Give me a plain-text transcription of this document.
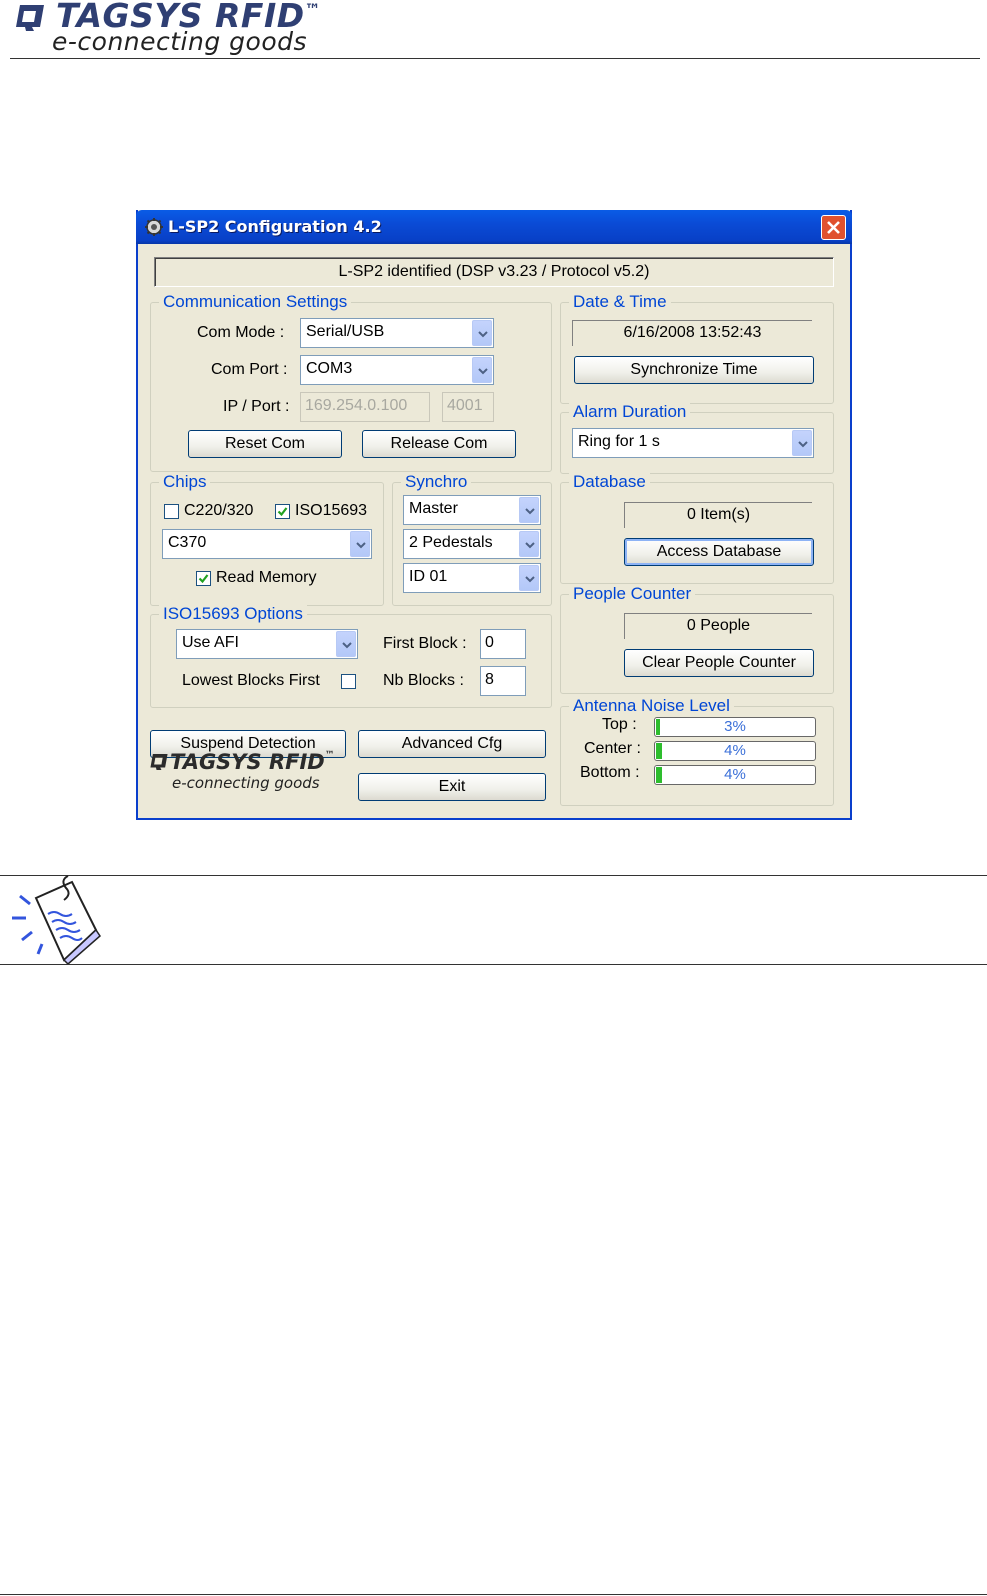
TAGSYS RFID™
e-connecting goods
L-SP2 Configuration 4.2
L-SP2 identified (DSP v3.23 / Protocol v5.2)
Communication Settings
Com Mode : Serial/USB
Com Port : COM3
IP / Port : 169.254.0.100	4001
Reset Com	Release Com
Chips
C220/320	ISO15693
C370
Read Memory
Synchro
Master
2 Pedestals
ID 01
ISO15693 Options
Use AFI	First Block :	0
Lowest Blocks First	Nb Blocks :	8
Suspend Detection	Advanced Cfg
Exit
TAGSYS RFID™
e-connecting goods
Date & Time
6/16/2008 13:52:43
Synchronize Time
Alarm Duration
Ring for 1 s
Database
0 Item(s)
Access Database
People Counter
0 People
Clear People Counter
Antenna Noise Level
Top :	3%
Center :	4%
Bottom :	4%
